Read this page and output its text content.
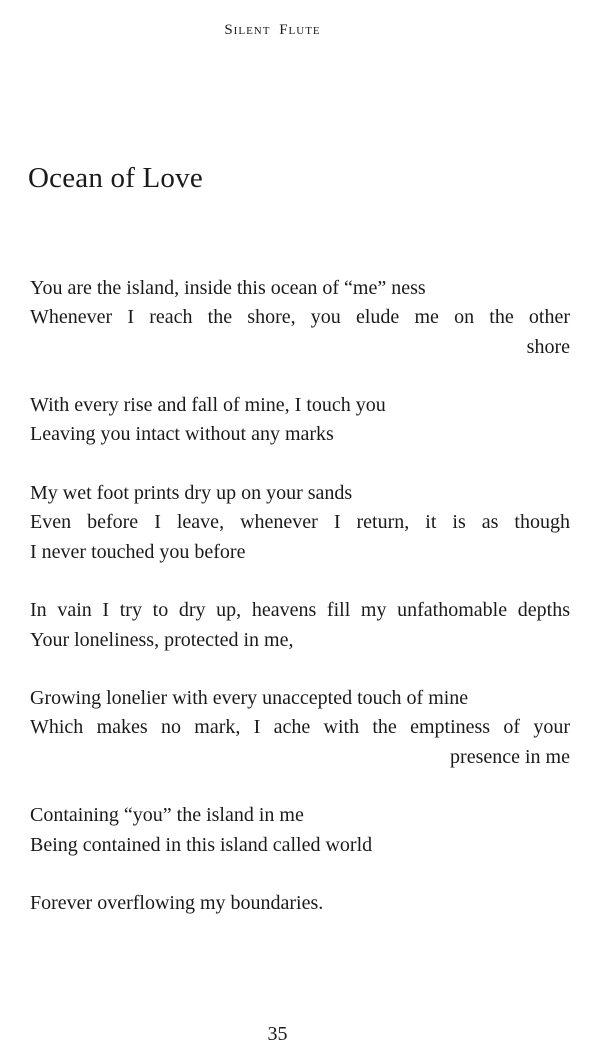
Silent Flute
Ocean of Love
You are the island, inside this ocean of “me” ness
Whenever I reach the shore, you elude me on the other
shore
With every rise and fall of mine, I touch you
Leaving you intact without any marks
My wet foot prints dry up on your sands
Even before I leave, whenever I return, it is as though
I never touched you before
In vain I try to dry up, heavens fill my unfathomable depths
Your loneliness, protected in me,
Growing lonelier with every unaccepted touch of mine
Which makes no mark, I ache with the emptiness of your
presence in me
Containing “you” the island in me
Being contained in this island called world
Forever overflowing my boundaries.
35
